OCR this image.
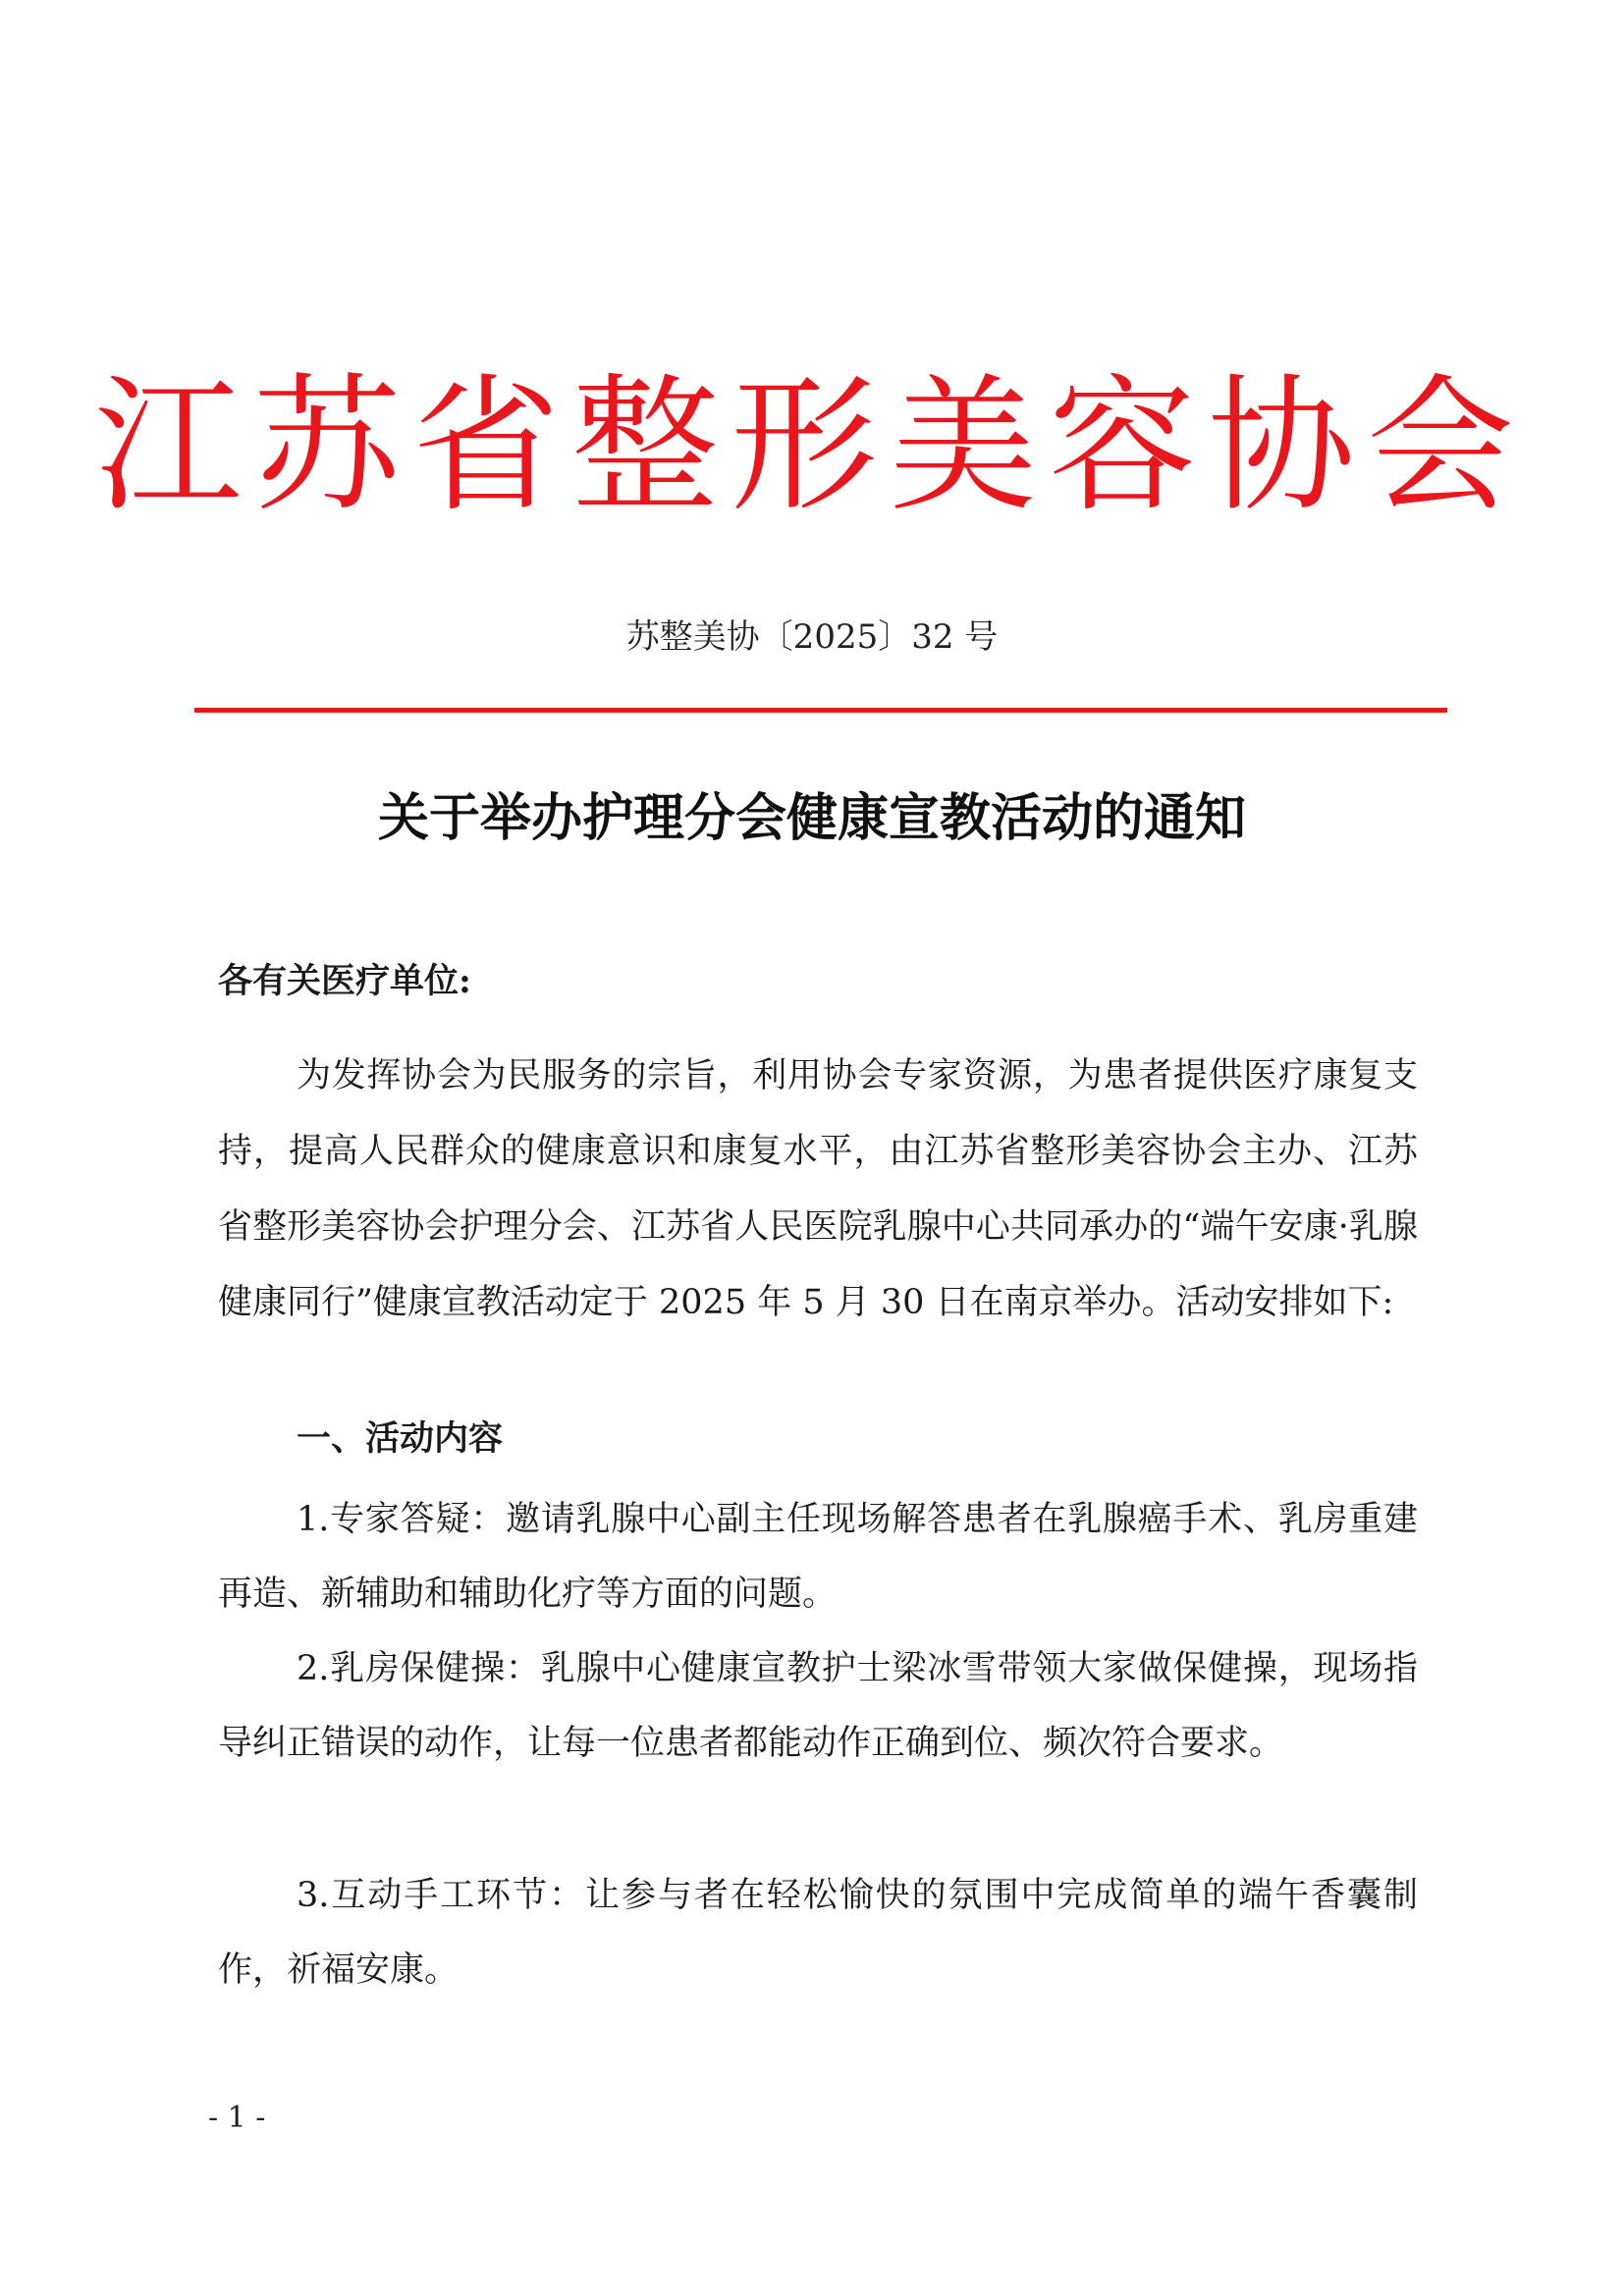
江苏省整形美容协会
苏整美协〔2025〕32 号
关于举办护理分会健康宣教活动的通知

各有关医疗单位:

为发挥协会为民服务的宗旨，利用协会专家资源，为患者提供医疗康复支持，提高人民群众的健康意识和康复水平，由江苏省整形美容协会主办、江苏省整形美容协会护理分会、江苏省人民医院乳腺中心共同承办的“端午安康·乳腺健康同行”健康宣教活动定于 2025 年 5 月 30 日在南京举办。活动安排如下:

一、活动内容

1.专家答疑：邀请乳腺中心副主任现场解答患者在乳腺癌手术、乳房重建再造、新辅助和辅助化疗等方面的问题。

2.乳房保健操：乳腺中心健康宣教护士梁冰雪带领大家做保健操，现场指导纠正错误的动作，让每一位患者都能动作正确到位、频次符合要求。

3.互动手工环节：让参与者在轻松愉快的氛围中完成简单的端午香囊制作，祈福安康。

- 1 -
